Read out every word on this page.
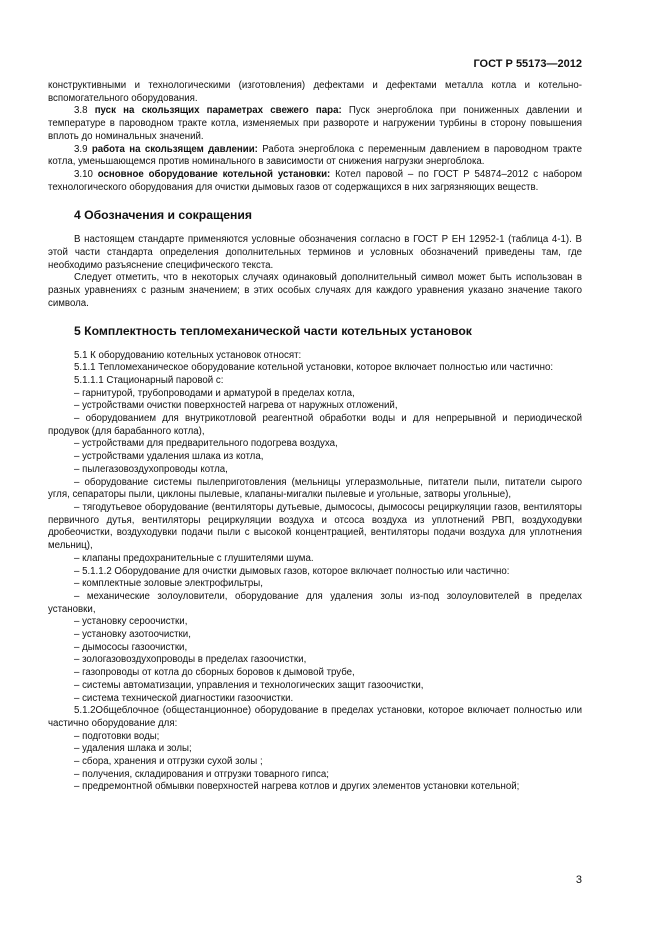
ГОСТ Р 55173—2012

конструктивными и технологическими (изготовления) дефектами и дефектами металла котла и котельно-вспомогательного оборудования.

3.8 пуск на скользящих параметрах свежего пара: Пуск энергоблока при пониженных давлении и температуре в пароводном тракте котла, изменяемых при развороте и нагружении турбины в сторону повышения вплоть до номинальных значений.

3.9 работа на скользящем давлении: Работа энергоблока с переменным давлением в пароводном тракте котла, уменьшающемся против номинального в зависимости от снижения нагрузки энергоблока.

3.10 основное оборудование котельной установки: Котел паровой – по ГОСТ Р 54874–2012 с набором технологического оборудования для очистки дымовых газов от содержащихся в них загрязняющих веществ.

4 Обозначения и сокращения

В настоящем стандарте применяются условные обозначения согласно в ГОСТ Р ЕН 12952-1 (таблица 4-1). В этой части стандарта определения дополнительных терминов и условных обозначений приведены там, где необходимо разъяснение специфического текста.

Следует отметить, что в некоторых случаях одинаковый дополнительный символ может быть использован в разных уравнениях с разным значением; в этих особых случаях для каждого уравнения указано значение такого символа.

5 Комплектность тепломеханической части котельных установок

5.1 К оборудованию котельных установок относят:

5.1.1 Тепломеханическое оборудование котельной установки, которое включает полностью или частично:

5.1.1.1 Стационарный паровой с:

– гарнитурой, трубопроводами и арматурой в пределах котла,

– устройствами очистки поверхностей нагрева от наружных отложений,

– оборудованием для внутрикотловой реагентной обработки воды и для непрерывной и периодической продувок (для барабанного котла),

– устройствами для предварительного подогрева воздуха,

– устройствами удаления шлака из котла,

– пылегазовоздухопроводы котла,

– оборудование системы пылеприготовления (мельницы углеразмольные, питатели пыли, питатели сырого угля, сепараторы пыли, циклоны пылевые, клапаны-мигалки пылевые и угольные, затворы угольные),

– тягодутьевое оборудование (вентиляторы дутьевые, дымососы, дымососы рециркуляции газов, вентиляторы первичного дутья, вентиляторы рециркуляции воздуха и отсоса воздуха из уплотнений РВП, воздуходувки дробеочистки, воздуходувки подачи пыли с высокой концентрацией, вентиляторы подачи воздуха для уплотнения мельниц),

– клапаны предохранительные с глушителями шума.

– 5.1.1.2 Оборудование для очистки дымовых газов, которое включает полностью или частично:

– комплектные золовые электрофильтры,

– механические золоуловители, оборудование для удаления золы из-под золоуловителей в пределах установки,

– установку сероочистки,

– установку азотоочистки,

– дымососы газоочистки,

– зологазовоздухопроводы в пределах газоочистки,

– газопроводы от котла до сборных боровов к дымовой трубе,

– системы автоматизации, управления и технологических защит газоочистки,

– система технической диагностики газоочистки.

5.1.2Общеблочное (общестанционное) оборудование в пределах установки, которое включает полностью или частично оборудование для:

– подготовки воды;

– удаления шлака и золы;

– сбора, хранения и отгрузки сухой золы ;

– получения, складирования и отгрузки товарного гипса;

– предремонтной обмывки поверхностей нагрева котлов и других элементов установки котельной;

3
